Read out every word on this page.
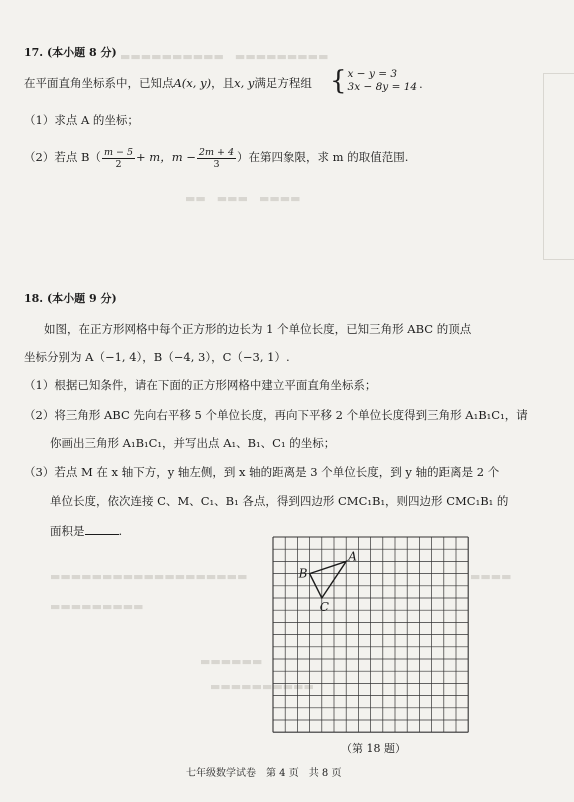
▬▬▬▬▬▬▬▬▬▬　▬▬▬▬▬▬▬▬▬
▬▬　▬▬▬　▬▬▬▬
▬▬▬▬▬▬▬▬▬▬▬▬▬▬▬▬▬▬▬	▬▬▬▬
▬▬▬▬▬▬▬▬▬
▬▬▬▬▬▬
▬▬▬▬▬▬▬▬▬▬
17. (本小题 8 分)
在平面直角坐标系中，已知点A(x, y)，且x, y满足方程组 { x − y = 3
3x − 8y = 14 .
（1）求点 A 的坐标；
（2）若点 $B( \frac{m - 5}{2} + m$，$m - \frac{2m + 4}{3}$ ）在第四象限，求 m 的取值范围.
18. (本小题 9 分)
如图，在正方形网格中每个正方形的边长为 1 个单位长度，已知三角形 ABC 的顶点
坐标分别为 A（−1, 4），B（−4, 3），C（−3, 1）.
（1）根据已知条件，请在下面的正方形网格中建立平面直角坐标系；
（2）将三角形 ABC 先向右平移 5 个单位长度，再向下平移 2 个单位长度得到三角形 A₁B₁C₁，请
你画出三角形 A₁B₁C₁，并写出点 A₁、B₁、C₁ 的坐标；
（3）若点 M 在 x 轴下方，y 轴左侧，到 x 轴的距离是 3 个单位长度，到 y 轴的距离是 2 个
单位长度，依次连接 C、M、C₁、B₁ 各点，得到四边形 CMC₁B₁，则四边形 CMC₁B₁ 的
面积是	.
A
B
C
（第 18 题）
七年级数学试卷　第 4 页　共 8 页
